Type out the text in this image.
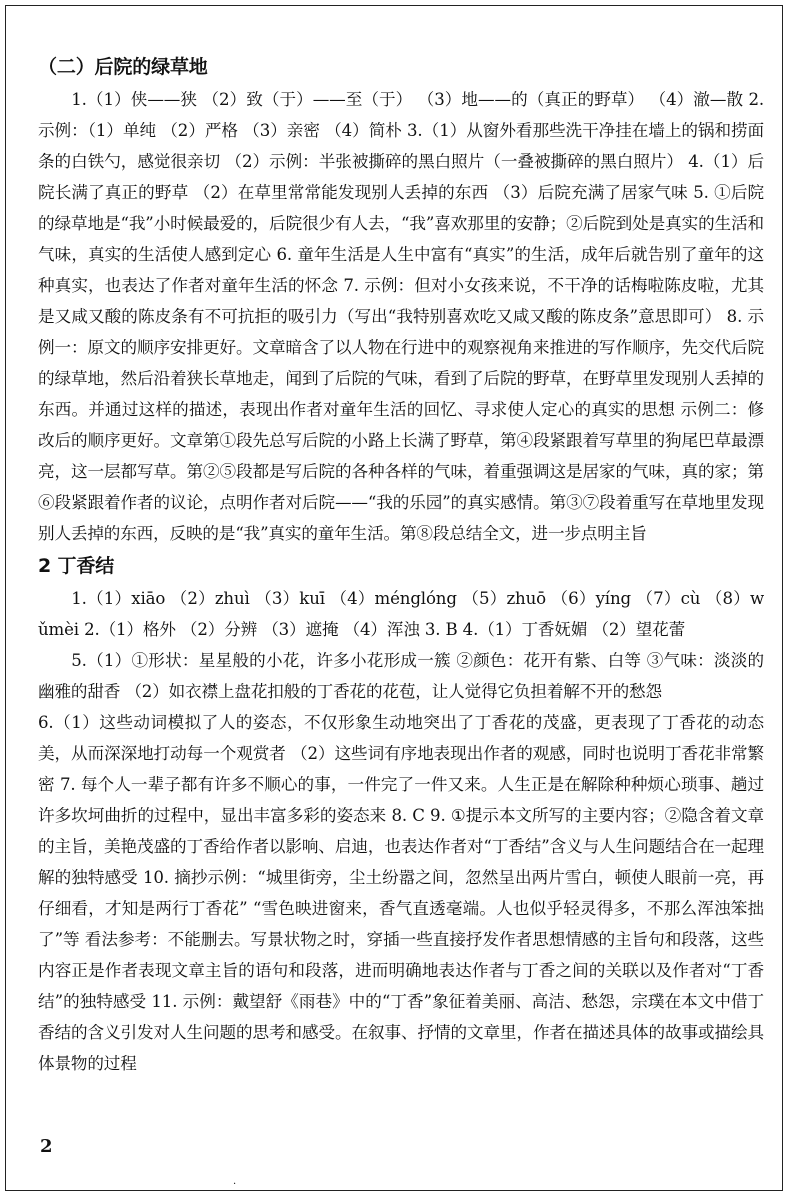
（二）后院的绿草地

1.（1）侠——狭 （2）致（于）——至（于） （3）地——的（真正的野草） （4）澈—散 2. 示例：（1）单纯 （2）严格 （3）亲密 （4）简朴 3.（1）从窗外看那些洗干净挂在墙上的锅和捞面条的白铁勺，感觉很亲切 （2）示例：半张被撕碎的黑白照片（一叠被撕碎的黑白照片） 4.（1）后院长满了真正的野草 （2）在草里常常能发现别人丢掉的东西 （3）后院充满了居家气味 5. ①后院的绿草地是“我”小时候最爱的，后院很少有人去，“我”喜欢那里的安静；②后院到处是真实的生活和气味，真实的生活使人感到定心 6. 童年生活是人生中富有“真实”的生活，成年后就告别了童年的这种真实，也表达了作者对童年生活的怀念 7. 示例：但对小女孩来说，不干净的话梅啦陈皮啦，尤其是又咸又酸的陈皮条有不可抗拒的吸引力（写出“我特别喜欢吃又咸又酸的陈皮条”意思即可） 8. 示例一：原文的顺序安排更好。文章暗含了以人物在行进中的观察视角来推进的写作顺序，先交代后院的绿草地，然后沿着狭长草地走，闻到了后院的气味，看到了后院的野草，在野草里发现别人丢掉的东西。并通过这样的描述，表现出作者对童年生活的回忆、寻求使人定心的真实的思想 示例二：修改后的顺序更好。文章第①段先总写后院的小路上长满了野草，第④段紧跟着写草里的狗尾巴草最漂亮，这一层都写草。第②⑤段都是写后院的各种各样的气味，着重强调这是居家的气味，真的家；第⑥段紧跟着作者的议论，点明作者对后院——“我的乐园”的真实感情。第③⑦段着重写在草地里发现别人丢掉的东西，反映的是“我”真实的童年生活。第⑧段总结全文，进一步点明主旨

2 丁香结

1.（1）xiāo （2）zhuì （3）kuī （4）ménglóng （5）zhuō （6）yíng （7）cù （8）wǔmèi 2.（1）格外 （2）分辨 （3）遮掩 （4）浑浊 3. B 4.（1）丁香妩媚 （2）望花蕾

5.（1）①形状：星星般的小花，许多小花形成一簇 ②颜色：花开有紫、白等 ③气味：淡淡的幽雅的甜香 （2）如衣襟上盘花扣般的丁香花的花苞，让人觉得它负担着解不开的愁怨

6.（1）这些动词模拟了人的姿态，不仅形象生动地突出了丁香花的茂盛，更表现了丁香花的动态美，从而深深地打动每一个观赏者 （2）这些词有序地表现出作者的观感，同时也说明丁香花非常繁密 7. 每个人一辈子都有许多不顺心的事，一件完了一件又来。人生正是在解除种种烦心琐事、趟过许多坎坷曲折的过程中，显出丰富多彩的姿态来 8. C 9. ①提示本文所写的主要内容；②隐含着文章的主旨，美艳茂盛的丁香给作者以影响、启迪，也表达作者对“丁香结”含义与人生问题结合在一起理解的独特感受 10. 摘抄示例：“城里街旁，尘土纷嚣之间，忽然呈出两片雪白，顿使人眼前一亮，再仔细看，才知是两行丁香花” “雪色映进窗来，香气直透毫端。人也似乎轻灵得多，不那么浑浊笨拙了”等 看法参考：不能删去。写景状物之时，穿插一些直接抒发作者思想情感的主旨句和段落，这些内容正是作者表现文章主旨的语句和段落，进而明确地表达作者与丁香之间的关联以及作者对“丁香结”的独特感受 11. 示例：戴望舒《雨巷》中的“丁香”象征着美丽、高洁、愁怨，宗璞在本文中借丁香结的含义引发对人生问题的思考和感受。在叙事、抒情的文章里，作者在描述具体的故事或描绘具体景物的过程

2
.
